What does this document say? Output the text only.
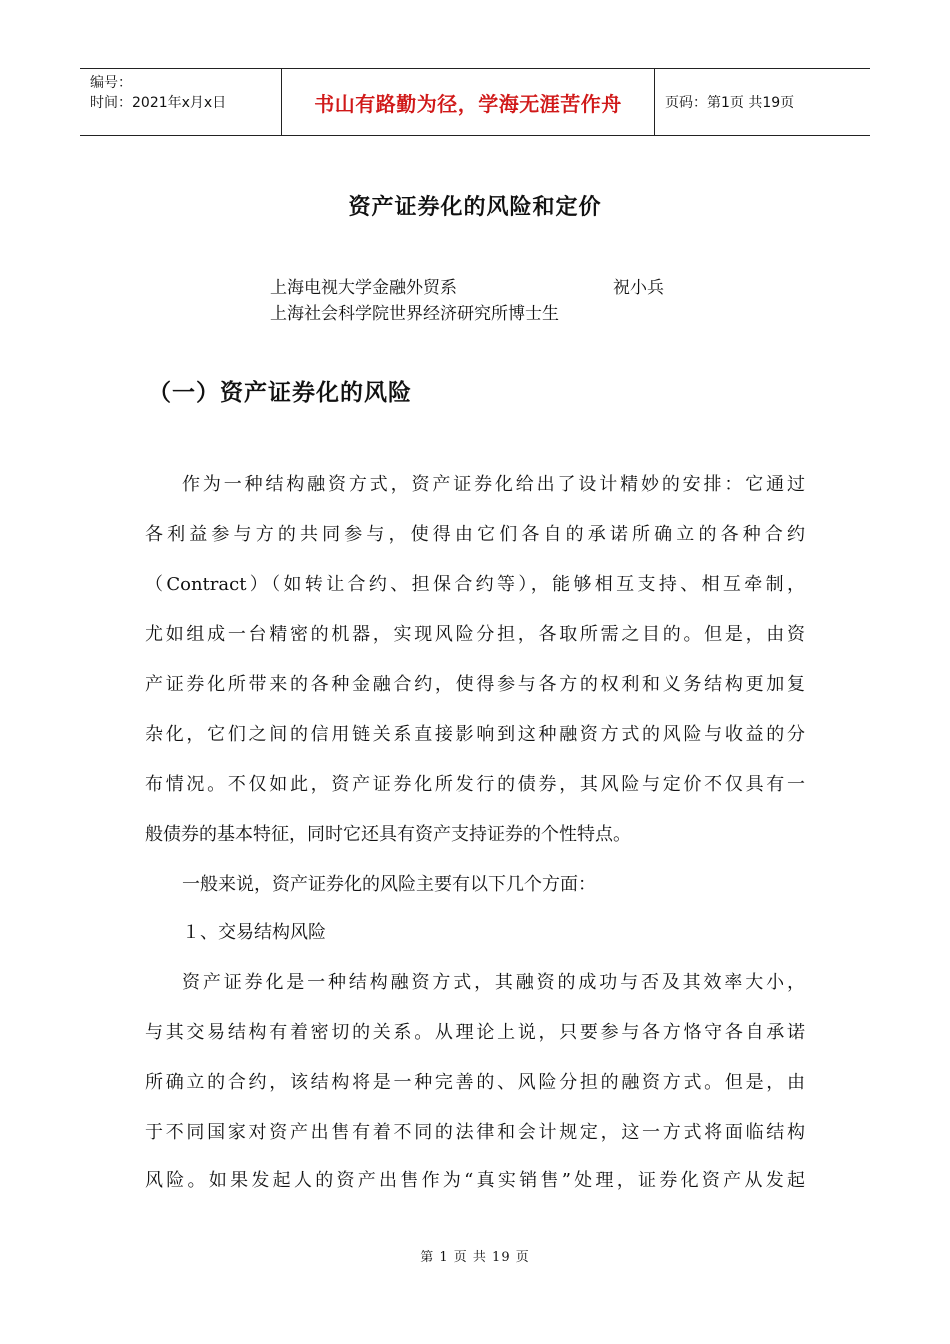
编号：
时间：2021年x月x日	书山有路勤为径，学海无涯苦作舟	页码：第1页 共19页
资产证券化的风险和定价
上海电视大学金融外贸系	祝小兵
上海社会科学院世界经济研究所博士生
（一）资产证券化的风险
作为一种结构融资方式，资产证券化给出了设计精妙的安排：它通过
各利益参与方的共同参与，使得由它们各自的承诺所确立的各种合约
（Contract）（如转让合约、担保合约等），能够相互支持、相互牵制，
尤如组成一台精密的机器，实现风险分担，各取所需之目的。但是，由资
产证券化所带来的各种金融合约，使得参与各方的权利和义务结构更加复
杂化，它们之间的信用链关系直接影响到这种融资方式的风险与收益的分
布情况。不仅如此，资产证券化所发行的债券，其风险与定价不仅具有一
般债券的基本特征，同时它还具有资产支持证券的个性特点。
一般来说，资产证券化的风险主要有以下几个方面：
１、交易结构风险
资产证券化是一种结构融资方式，其融资的成功与否及其效率大小，
与其交易结构有着密切的关系。从理论上说，只要参与各方恪守各自承诺
所确立的合约，该结构将是一种完善的、风险分担的融资方式。但是，由
于不同国家对资产出售有着不同的法律和会计规定，这一方式将面临结构
风险。如果发起人的资产出售作为“真实销售”处理，证券化资产从发起
第 1 页 共 19 页
